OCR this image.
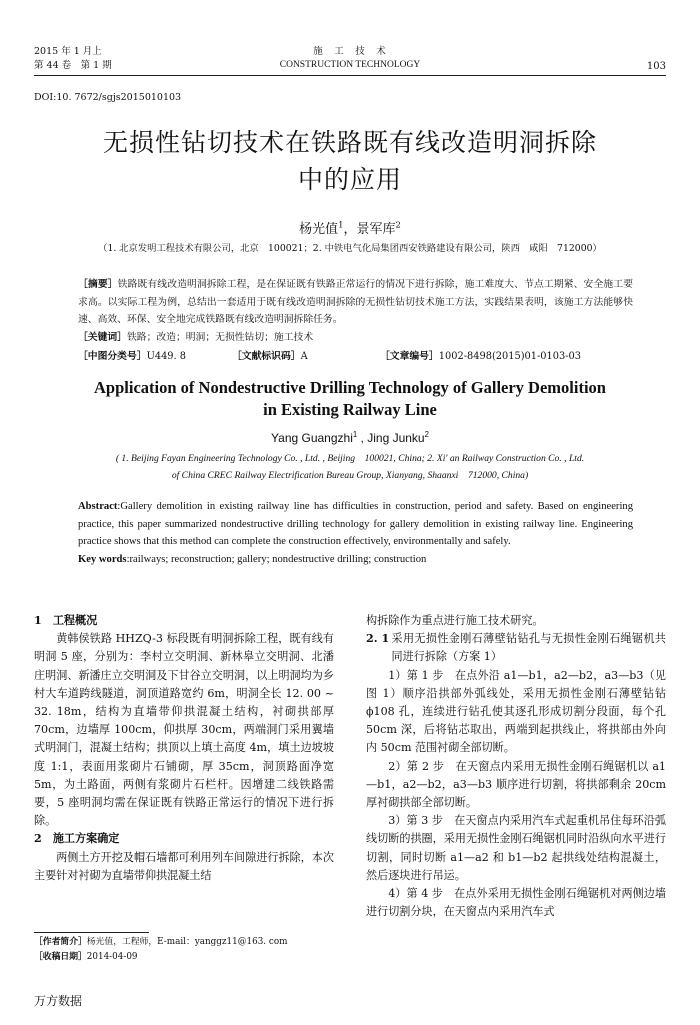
2015 年 1 月上
第 44 卷　第 1 期
施　工　技　术
CONSTRUCTION TECHNOLOGY	103
DOI:10. 7672/sgjs2015010103
无损性钻切技术在铁路既有线改造明洞拆除
中的应用
杨光值$^1$，景军库$^2$
（1. 北京发明工程技术有限公司，北京　100021；2. 中铁电气化局集团西安铁路建设有限公司，陕西　咸阳　712000）
［摘要］铁路既有线改造明洞拆除工程，是在保证既有铁路正常运行的情况下进行拆除，施工难度大、节点工期紧、安全施工要求高。以实际工程为例，总结出一套适用于既有线改造明洞拆除的无损性钻切技术施工方法，实践结果表明，该施工方法能够快速、高效、环保、安全地完成铁路既有线改造明洞拆除任务。
［关键词］铁路；改造；明洞；无损性钻切；施工技术
［中图分类号］U449. 8	［文献标识码］A	［文章编号］1002-8498(2015)01-0103-03
Application of Nondestructive Drilling Technology of Gallery Demolition
in Existing Railway Line
Yang Guangzhi$^1$ , Jing Junku$^2$
( 1. Beijing Fayan Engineering Technology Co. , Ltd. , Beijing　100021, China; 2. Xi' an Railway Construction Co. , Ltd.
of China CREC Railway Electrification Bureau Group, Xianyang, Shaanxi　712000, China)
Abstract:Gallery demolition in existing railway line has difficulties in construction, period and safety. Based on engineering practice, this paper summarized nondestructive drilling technology for gallery demolition in existing railway line. Engineering practice shows that this method can complete the construction effectively, environmentally and safely.
Key words:railways; reconstruction; gallery; nondestructive drilling; construction

1　工程概况

黄韩侯铁路 HHZQ-3 标段既有明洞拆除工程，既有线有明洞 5 座，分别为：李村立交明洞、新林皋立交明洞、北潘庄明洞、新潘庄立交明洞及下甘谷立交明洞，以上明洞均为乡村大车道跨线隧道，洞顶道路宽约 6m，明洞全长 12. 00 ~ 32. 18m，结构为直墙带仰拱混凝土结构，衬砌拱部厚 70cm，边墙厚 100cm，仰拱厚 30cm，两端洞门采用翼墙式明洞门，混凝土结构；拱顶以上填土高度 4m，填土边坡坡度 1:1，表面用浆砌片石铺砌，厚 35cm，洞顶路面净宽 5m，为土路面，两侧有浆砌片石栏杆。因增建二线铁路需要，5 座明洞均需在保证既有铁路正常运行的情况下进行拆除。

2　施工方案确定

两侧土方开挖及帽石墙都可利用列车间隙进行拆除，本次主要针对衬砌为直墙带仰拱混凝土结

［作者简介］杨光值，工程师，E-mail：yanggz11@163. com
［收稿日期］2014-04-09

构拆除作为重点进行施工技术研究。

2. 1 采用无损性金刚石薄壁钻钻孔与无损性金刚石绳锯机共同进行拆除（方案 1）

1）第 1 步　在点外沿 a1—b1，a2—b2，a3—b3（见图 1）顺序沿拱部外弧线处，采用无损性金刚石薄壁钻钻 ϕ108 孔，连续进行钻孔使其逐孔形成切割分段面，每个孔 50cm 深，后将钻芯取出，两端到起拱线止，将拱部由外向内 50cm 范围衬砌全部切断。

2）第 2 步　在天窗点内采用无损性金刚石绳锯机以 a1—b1，a2—b2，a3—b3 顺序进行切割，将拱部剩余 20cm 厚衬砌拱部全部切断。

3）第 3 步　在天窗点内采用汽车式起重机吊住每环沿弧线切断的拱圈，采用无损性金刚石绳锯机同时沿纵向水平进行切割，同时切断 a1—a2 和 b1—b2 起拱线处结构混凝土，然后逐块进行吊运。

4）第 4 步　在点外采用无损性金刚石绳锯机对两侧边墙进行切割分块，在天窗点内采用汽车式

万方数据
